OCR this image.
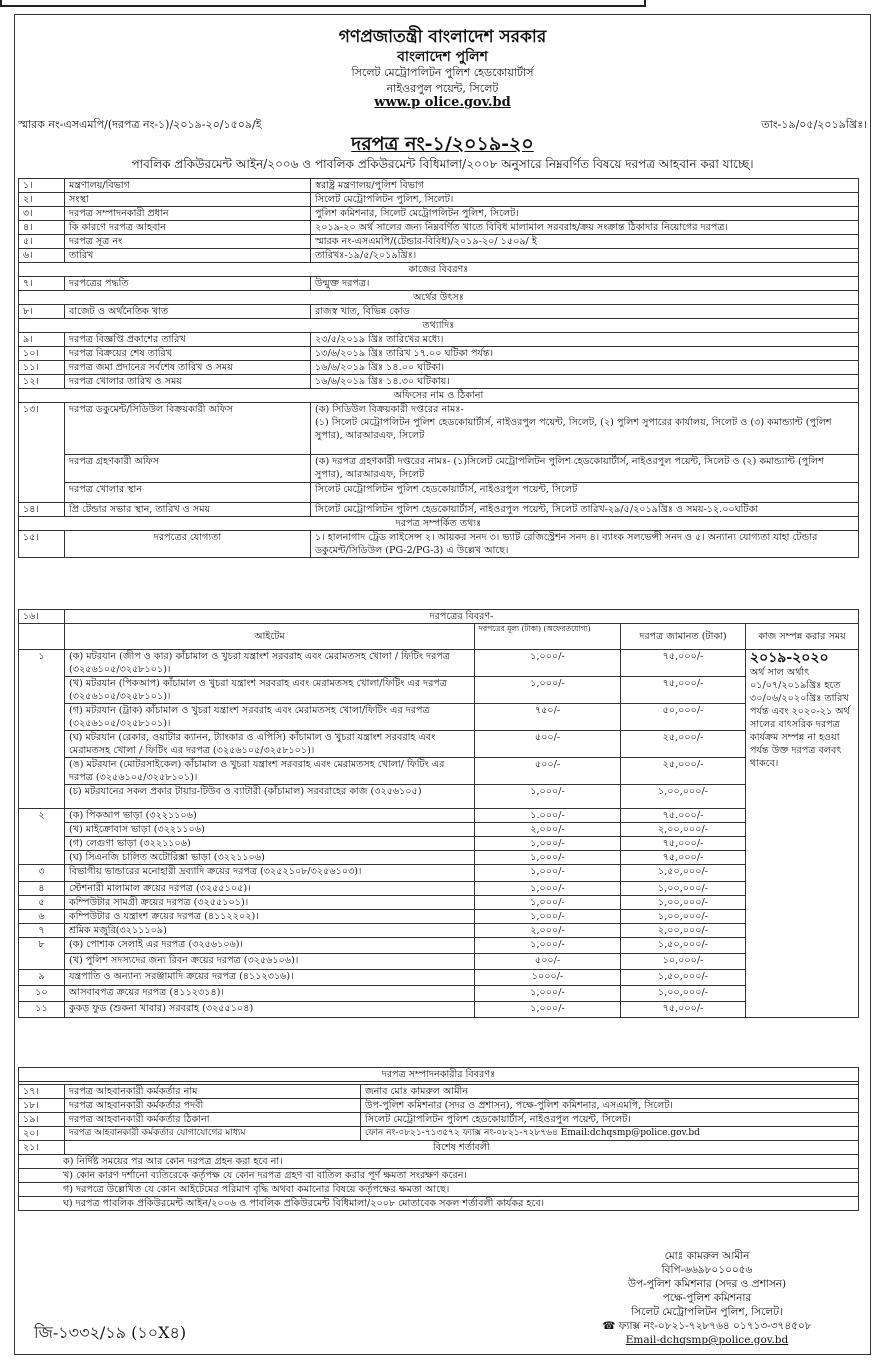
গণপ্রজাতন্ত্রী বাংলাদেশ সরকার
বাংলাদেশ পুলিশ
সিলেট মেট্রোপলিটন পুলিশ হেডকোয়ার্টার্স
নাইওরপুল পয়েন্ট, সিলেট
www.p olice.gov.bd
স্মারক নং-এসএমপি/(দরপত্র নং-১)/২০১৯-২০/১৫০৯/ই	তাং-১৯/০৫/২০১৯খ্রিঃ।
দরপত্র নং-১/২০১৯-২০
পাবলিক প্রকিউরমেন্ট আইন/২০০৬ ও পাবলিক প্রকিউরমেন্ট বিধিমালা/২০০৮ অনুসারে নিম্নবর্ণিত বিষয়ে দরপত্র আহবান করা যাচ্ছে।
১।	মন্ত্রণালয়/বিভাগ	স্বরাষ্ট্র মন্ত্রণালয়/পুলিশ বিভাগ
২।	সংস্থা	সিলেট মেট্রোপলিটন পুলিশ, সিলেট।
৩।	দরপত্র সম্পাদনকারী প্রধান	পুলিশ কমিশনার, সিলেট মেট্রোপলিটন পুলিশ, সিলেট।
৪।	কি কারণে দরপত্র আহবান	২০১৯-২০ অর্থ সালের জন্য নিম্নবর্ণিত খাতে বিবিধ মালামাল সরবরাহ/ক্রয় সংক্রান্ত ঠিকাদার নিয়োগের দরপত্র।
৫।	দরপত্র সূত্র নং	স্মারক নং-এসএমপি/(টেন্ডার-বিবিধ)/২০১৯-২০/ ১৫০৯/ ই
৬।	তারিখ	তারিখঃ-১৯/৫/২০১৯খ্রিঃ।
কাজের বিবরণঃ		
৭।	দরপত্রের পদ্ধতি	উন্মুক্ত দরপত্র।
অর্থের উৎসঃ		
৮।	বাজেট ও অর্থনৈতিক খাত	রাজস্ব খাত, বিভিন্ন কোড
তথ্যাদিঃ		
৯।	দরপত্র বিজ্ঞপ্তি প্রকাশের তারিখ	২৩/৫/২০১৯ খ্রিঃ তারিখের মধ্যে।
১০।	দরপত্র বিক্রয়ের শেষ তারিখ	১৩/৬/২০১৯ খ্রিঃ তারিখ ১৭.০০ ঘটিকা পর্যন্ত।
১১।	দরপত্র জমা প্রদানের সর্বশেষ তারিখ ও সময়	১৬/৬/২০১৯ খ্রিঃ ১৪.০০ ঘটিকা।
১২।	দরপত্র খোলার তারিখ ও সময়	১৬/৬/২০১৯ খ্রিঃ ১৪.৩০ ঘটিকায়।
অফিসের নাম ও ঠিকানা		
১৩।	দরপত্র ডকুমেন্ট/সিডিউল বিক্রয়কারী অফিস	(ক) সিডিউল বিক্রয়কারী দপ্তরের নামঃ-
(১) সিলেট মেট্রোপলিটন পুলিশ হেডকোয়ার্টার্স, নাইওরপুল পয়েন্ট, সিলেট, (২) পুলিশ সুপারের কার্যালয়, সিলেট ও (৩) কমান্ড্যান্ট (পুলিশ সুপার), আরআরএফ, সিলেট

	দরপত্র গ্রহণকারী অফিস	(ক) দরপত্র গ্রহণকারী দপ্তরের নামঃ- (১)সিলেট মেট্রোপলিটন পুলিশ হেডকোয়ার্টার্স, নাইওরপুল পয়েন্ট, সিলেট ও (২) কমান্ড্যান্ট (পুলিশ সুপার), আরআরএফ, সিলেট
	দরপত্র খোলার স্থান	সিলেট মেট্রোপলিটন পুলিশ হেডকোয়ার্টার্স, নাইওরপুল পয়েন্ট, সিলেট
১৪।	প্রি টেন্ডার সভার স্থান, তারিখ ও সময়	সিলেট মেট্রোপলিটন পুলিশ হেডকোয়ার্টার্স, নাইওরপুল পয়েন্ট, সিলেট তারিখ-২৯/৫/২০১৯খ্রিঃ ও সময়-১২.০০ঘটিকা
দরপত্র সম্পর্কিত তথ্যঃ		
১৫।	দরপত্রের যোগ্যতা	১। হালনাগাদ ট্রেড লাইসেন্স ২। আয়কর সনদ ৩। ভ্যাট রেজিস্ট্রেশন সনদ ৪। ব্যাংক সলভেন্সী সনদ ও ৫। অন্যান্য যোগ্যতা যাহা টেন্ডার ডকুমেন্ট/সিডিউল (PG-2/PG-3) এ উল্লেখ আছে।
১৬।	দরপত্রের বিবরণ-			
	আইটেম	দরপত্রের মূল্য (টাকা) (অফেরতযোগ্য)	দরপত্র জামানত (টাকা)	কাজ সম্পন্ন করার সময়
১	(ক) মটরযান (জীপ ও কার) কাঁচামাল ও খুচরা যন্ত্রাংশ সরবরাহ এবং মেরামতসহ খোলা / ফিটিং দরপত্র (৩২৫৬১০৫/৩২৫৮১০১)।	১,০০০/-	৭৫,০০০/-	২০১৯-২০২০
অর্থ সাল অর্থাৎ ০১/০৭/২০১৯খ্রিঃ হতে ৩০/০৬/২০২০খ্রিঃ তারিখ পর্যন্ত এবং ২০২০-২১ অর্থ সালের বাৎসরিক দরপত্র কার্যক্রম সম্পন্ন না হওয়া পর্যন্ত উক্ত দরপত্র বলবৎ থাকবে।

	(খ) মটরযান (পিকআপ) কাঁচামাল ও খুচরা যন্ত্রাংশ সরবরাহ এবং মেরামতসহ খোলা/ফিটিং এর দরপত্র (৩২৫৬১০৫/৩২৫৮১০১)।	১,০০০/-	৭৫,০০০/-	
	(গ) মটরযান (ট্রাক) কাঁচামাল ও খুচরা যন্ত্রাংশ সরবরাহ এবং মেরামতসহ খোলা/ফিটিং এর দরপত্র (৩২৫৬১০৫/৩২৫৮১০১)।	৭৫০/-	৫০,০০০/-	
	(ঘ) মটরযান (রেকার, ওয়াটার ক্যানন, ট্যাংকার ও এপিসি) কাঁচামাল ও খুচরা যন্ত্রাংশ সরবরাহ এবং মেরামতসহ খোলা / ফিটিং এর দরপত্র (৩২৫৬১০৫/৩২৫৮১০১)।	৫০০/-	২৫,০০০/-	
	(ঙ) মটরযান (মোটরসাইকেল) কাঁচামাল ও খুচরা যন্ত্রাংশ সরবরাহ এবং মেরামতসহ খোলা/ ফিটিং এর দরপত্র (৩২৫৬১০৫/৩২৫৮১০১)।	৫০০/-	২৫,০০০/-	
	(চ) মটরযানের সকল প্রকার টায়ার-টিউব ও ব্যাটারী (কাঁচামাল) সরবরাহের কাজ (৩২৫৬১০৫)	১,০০০/-	১,০০,০০০/-	
২	(ক) পিকআপ ভাড়া (৩২২১১০৬)	১.০০০/-	৭৫.০০০/-	
	(খ) মাইক্রোবাস ভাড়া (৩২২১১০৬)	২,০০০/-	২,০০,০০০/-	
	(গ) লেগুণা ভাড়া (৩২২১১০৬)	১,০০০/-	৭৫,০০০/-	
	(ঘ) সিএনজি চালিত অটোরিক্সা ভাড়া (৩২২১১০৬)	১,০০০/-	৭৫,০০০/-	
৩	বিভাগীয় ভান্ডারের মনোহারী দ্রব্যাদি ক্রয়ের দরপত্র (৩২৫২১০৮/৩২৫৬১০৩)।	১,০০০/-	১,৫০,০০০/-	
৪	স্টেশনারী মালামাল ক্রয়ের দরপত্র (৩২৫৫১০৫)।	১,০০০/-	১,০০,০০০/-	
৫	কম্পিউটার সামগ্রী ক্রয়ের দরপত্র (৩২৫৫১০১)।	১,০০০/-	১,০০,০০০/-	
৬	কম্পিউটার ও যন্ত্রাংশ ক্রয়ের দরপত্র (৪১১২২০২)।	১,০০০/-	১,০০,০০০/-	
৭	শ্রমিক মজুরি(৩২১১১০৯)	২,০০০/-	২,০০,০০০/-	
৮	(ক) পোশাক সেলাই এর দরপত্র (৩২৫৬১০৬)।	১,০০০/-	১,৫০,০০০/-	
	(খ) পুলিশ সদস্যদের জন্য রিবন ক্রয়ের দরপত্র (৩২৫৬১০৬)।	৫০০/-	১০,০০০/-	
৯	যন্ত্রপাতি ও অন্যান্য সরঞ্জামাদি ক্রয়ের দরপত্র (৪১১২৩১৬)।	১০০০/-	১,৫০,০০০/-	
১০	আসবাবপত্র ক্রয়ের দরপত্র (৪১১২৩১৪)।	১,০০০/-	১,০০,০০০/-	
১১	কুকড় ফুড (শুকনা খাবার) সরবরাহ (৩২৫৫১০৪)	১,০০০/-	৭৫,০০০/-	
দরপত্র সম্পাদনকারীর বিবরণঃ		

১৭।	দরপত্র আহবানকারী কর্মকর্তার নাম	জনাব মোঃ কামরুল আমীন
১৮।	দরপত্র আহবানকারী কর্মকর্তার পদবী	উপ-পুলিশ কমিশনার (সদর ও প্রশাসন), পক্ষে-পুলিশ কমিশনার, এসএমপি, সিলেট।
১৯।	দরপত্র আহবানকারী কর্মকর্তার ঠিকানা	সিলেট মেট্রোপলিটন পুলিশ হেডকোয়ার্টার্স, নাইওরপুল পয়েন্ট, সিলেট।
২০।	দরপত্র আহবানকারী কর্মকর্তার যোগাযোগের মাধ্যম	ফোন নং-০৮২১-৭১৩৫৭২ ফ্যাক্স নং-০৮২১-৭২৮৭৬৪ Email:dchqsmp@police.gov.bd
২১।	বিশেষ শর্তাবলী	
ক) নির্দিষ্ট সময়ের পর আর কোন দরপত্র গ্রহন করা হবে না।		
খ) কোন কারণ দর্শানো ব্যতিরেকে কর্তৃপক্ষ যে কোন দরপত্র গ্রহণ বা বাতিল করার পূর্ণ ক্ষমতা সংরক্ষণ করেন।		
গ) দরপত্রে উল্লেখিত যে কোন আইটেমের পরিমাণ বৃদ্ধি অথবা কমানোর বিষয়ে কর্তৃপক্ষের ক্ষমতা আছে।		
ঘ) দরপত্র পাবলিক প্রকিউরমেন্ট আইন/২০০৬ ও পাবলিক প্রকিউরমেন্ট বিধিমালা/২০০৮ মোতাবেক সকল শর্তাবলী কার্যকর হবে।		
মোঃ কামরুল আমীন
বিপি-৬৬৯৮০১০০৫৬
উপ-পুলিশ কমিশনার (সদর ও প্রশাসন)
পক্ষে-পুলিশ কমিশনার
সিলেট মেট্রোপলিটন পুলিশ, সিলেট।
☎ ফ্যাক্স নং-০৮২১-৭২৮৭৬৪ ০১৭১৩-৩৭৪৫০৮
Email-dchqsmp@police.gov.bd
জি-১৩৩২/১৯ (১০X৪)
